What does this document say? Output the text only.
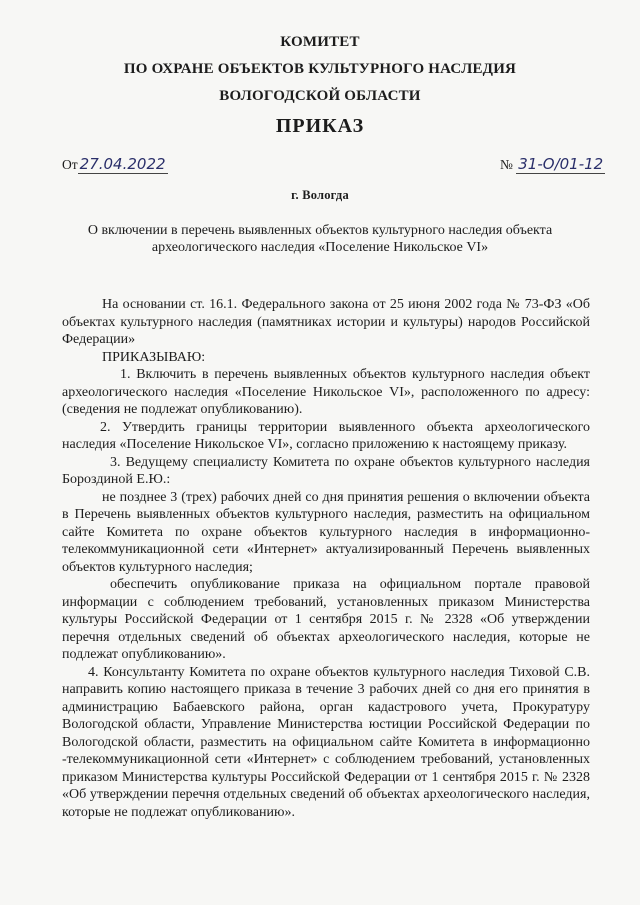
КОМИТЕТ
ПО ОХРАНЕ ОБЪЕКТОВ КУЛЬТУРНОГО НАСЛЕДИЯ
ВОЛОГОДСКОЙ ОБЛАСТИ
ПРИКАЗ
От 27.04.2022	№ 31-О/01-12
г. Вологда
О включении в перечень выявленных объектов культурного наследия объекта археологического наследия «Поселение Никольское VI»

На основании ст. 16.1. Федерального закона от 25 июня 2002 года № 73-ФЗ «Об объектах культурного наследия (памятниках истории и культуры) народов Российской Федерации»

ПРИКАЗЫВАЮ:

1. Включить в перечень выявленных объектов культурного наследия объект археологического наследия «Поселение Никольское VI», расположенного по адресу: (сведения не подлежат опубликованию).

2. Утвердить границы территории выявленного объекта археологического наследия «Поселение Никольское VI», согласно приложению к настоящему приказу.

3. Ведущему специалисту Комитета по охране объектов культурного наследия Бороздиной Е.Ю.:

не позднее 3 (трех) рабочих дней со дня принятия решения о включении объекта в Перечень выявленных объектов культурного наследия, разместить на официальном сайте Комитета по охране объектов культурного наследия в информационно-телекоммуникационной сети «Интернет» актуализированный Перечень выявленных объектов культурного наследия;

обеспечить опубликование приказа на официальном портале правовой информации с соблюдением требований, установленных приказом Министерства культуры Российской Федерации от 1 сентября 2015 г. № 2328 «Об утверждении перечня отдельных сведений об объектах археологического наследия, которые не подлежат опубликованию».

4. Консультанту Комитета по охране объектов культурного наследия Тиховой С.В. направить копию настоящего приказа в течение 3 рабочих дней со дня его принятия в администрацию Бабаевского района, орган кадастрового учета, Прокуратуру Вологодской области, Управление Министерства юстиции Российской Федерации по Вологодской области, разместить на официальном сайте Комитета в информационно -телекоммуникационной сети «Интернет» с соблюдением требований, установленных приказом Министерства культуры Российской Федерации от 1 сентября 2015 г. № 2328 «Об утверждении перечня отдельных сведений об объектах археологического наследия, которые не подлежат опубликованию».
